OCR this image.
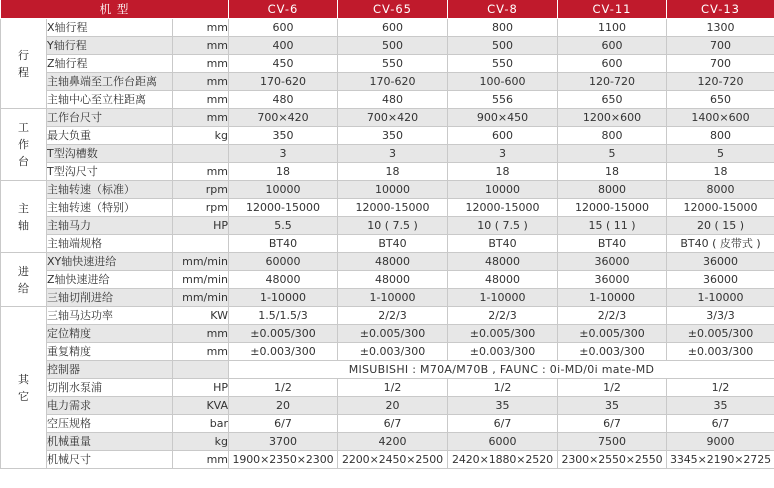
机 型			CV-6	CV-65	CV-8	CV-11	CV-13

行
程	X轴行程	mm	600	600	800	1100	1300
	Y轴行程	mm	400	500	500	600	700
	Z轴行程	mm	450	550	550	600	700
	主轴鼻端至工作台距离	mm	170-620	170-620	100-600	120-720	120-720
	主轴中心至立柱距离	mm	480	480	556	650	650

工
作
台	工作台尺寸	mm	700×420	700×420	900×450	1200×600	1400×600
	最大负重	kg	350	350	600	800	800
	T型沟槽数		3	3	3	5	5
	T型沟尺寸	mm	18	18	18	18	18

主
轴	主轴转速（标准）	rpm	10000	10000	10000	8000	8000
	主轴转速（特别）	rpm	12000-15000	12000-15000	12000-15000	12000-15000	12000-15000
	主轴马力	HP	5.5	10 ( 7.5 )	10 ( 7.5 )	15 ( 11 )	20 ( 15 )
	主轴端规格		BT40	BT40	BT40	BT40	BT40 ( 皮带式 )

进
给	XY轴快速进给	mm/min	60000	48000	48000	36000	36000
	Z轴快速进给	mm/min	48000	48000	48000	36000	36000
	三轴切削进给	mm/min	1-10000	1-10000	1-10000	1-10000	1-10000

其
它	三轴马达功率	KW	1.5/1.5/3	2/2/3	2/2/3	2/2/3	3/3/3
	定位精度	mm	±0.005/300	±0.005/300	±0.005/300	±0.005/300	±0.005/300
	重复精度	mm	±0.003/300	±0.003/300	±0.003/300	±0.003/300	±0.003/300
	控制器		MISUBISHI : M70A/M70B , FAUNC : 0i-MD/0i mate-MD				
	切削水泵浦	HP	1/2	1/2	1/2	1/2	1/2
	电力需求	KVA	20	20	35	35	35
	空压规格	bar	6/7	6/7	6/7	6/7	6/7
	机械重量	kg	3700	4200	6000	7500	9000
	机械尺寸	mm	1900×2350×2300	2200×2450×2500	2420×1880×2520	2300×2550×2550	3345×2190×2725
